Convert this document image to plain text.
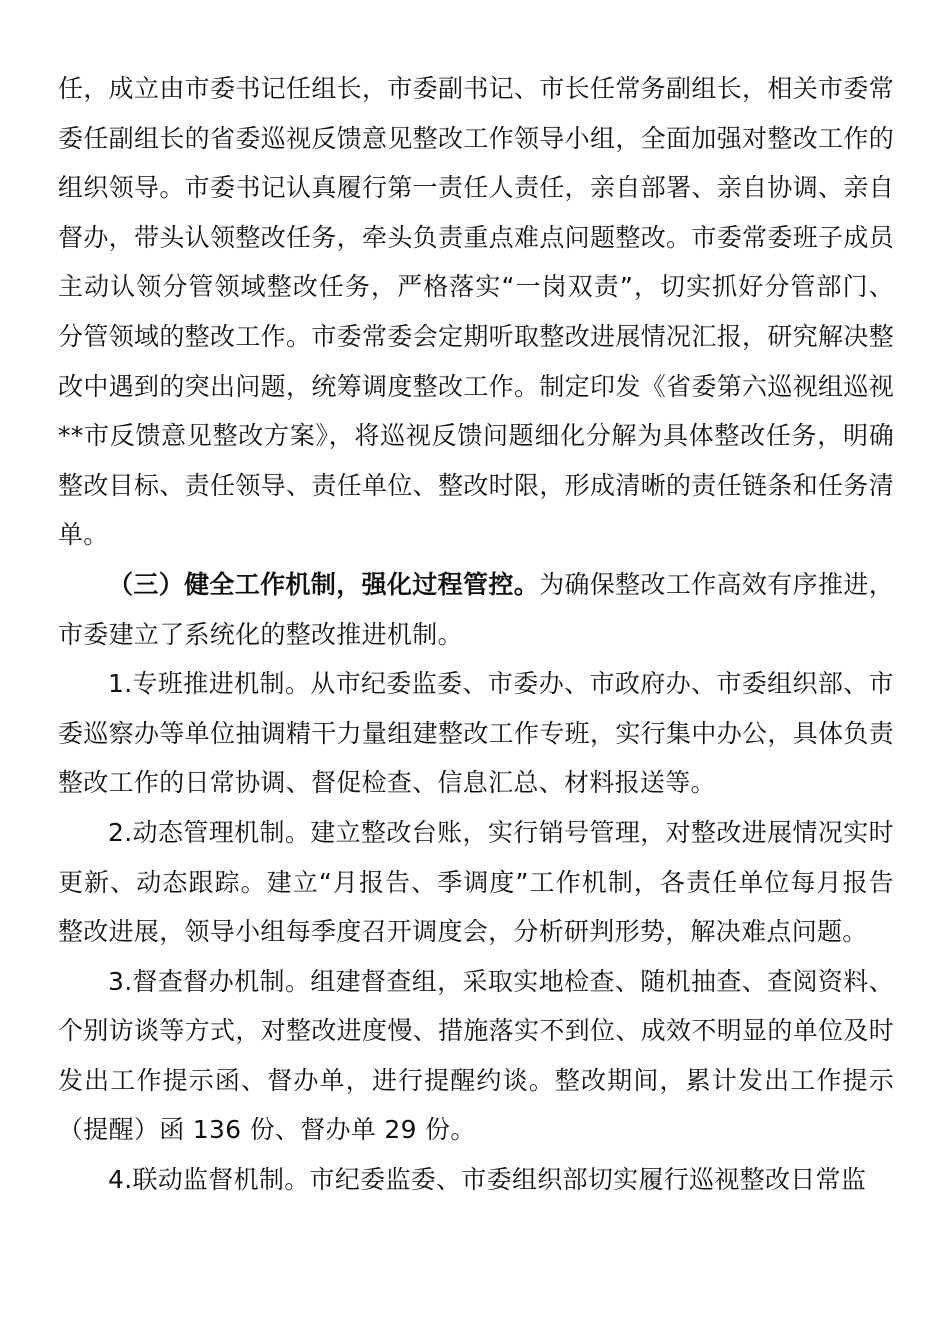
任，成立由市委书记任组长，市委副书记、市长任常务副组长，相关市委常委任副组长的省委巡视反馈意见整改工作领导小组，全面加强对整改工作的组织领导。市委书记认真履行第一责任人责任，亲自部署、亲自协调、亲自督办，带头认领整改任务，牵头负责重点难点问题整改。市委常委班子成员主动认领分管领域整改任务，严格落实“一岗双责”，切实抓好分管部门、分管领域的整改工作。市委常委会定期听取整改进展情况汇报，研究解决整改中遇到的突出问题，统筹调度整改工作。制定印发《省委第六巡视组巡视**市反馈意见整改方案》，将巡视反馈问题细化分解为具体整改任务，明确整改目标、责任领导、责任单位、整改时限，形成清晰的责任链条和任务清单。

（三）健全工作机制，强化过程管控。为确保整改工作高效有序推进，市委建立了系统化的整改推进机制。

1.专班推进机制。从市纪委监委、市委办、市政府办、市委组织部、市委巡察办等单位抽调精干力量组建整改工作专班，实行集中办公，具体负责整改工作的日常协调、督促检查、信息汇总、材料报送等。

2.动态管理机制。建立整改台账，实行销号管理，对整改进展情况实时更新、动态跟踪。建立“月报告、季调度”工作机制，各责任单位每月报告整改进展，领导小组每季度召开调度会，分析研判形势，解决难点问题。

3.督查督办机制。组建督查组，采取实地检查、随机抽查、查阅资料、个别访谈等方式，对整改进度慢、措施落实不到位、成效不明显的单位及时发出工作提示函、督办单，进行提醒约谈。整改期间，累计发出工作提示（提醒）函 136 份、督办单 29 份。

4.联动监督机制。市纪委监委、市委组织部切实履行巡视整改日常监
